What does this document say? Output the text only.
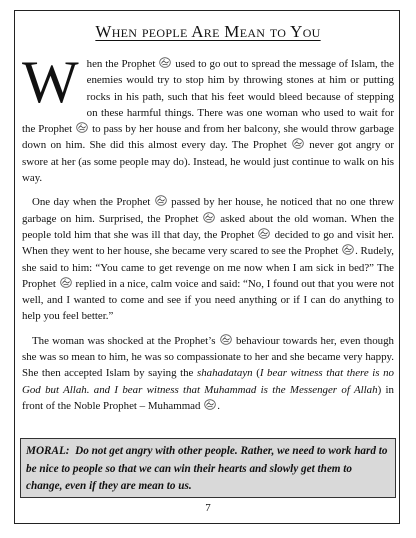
When people Are Mean to You

When the Prophet used to go out to spread the message of Islam, the enemies would try to stop him by throwing stones at him or putting rocks in his path, such that his feet would bleed because of stepping on these harmful things. There was one woman who used to wait for the Prophet to pass by her house and from her balcony, she would throw garbage down on him. She did this almost every day. The Prophet never got angry or swore at her (as some people may do). Instead, he would just continue to walk on his way.

One day when the Prophet passed by her house, he noticed that no one threw garbage on him. Surprised, the Prophet asked about the old woman. When the people told him that she was ill that day, the Prophet decided to go and visit her. When they went to her house, she became very scared to see the Prophet . Rudely, she said to him: “You came to get revenge on me now when I am sick in bed?” The Prophet replied in a nice, calm voice and said: “No, I found out that you were not well, and I wanted to come and see if you need anything or if I can do anything to help you feel better.”

The woman was shocked at the Prophet’s behaviour towards her, even though she was so mean to him, he was so compassionate to her and she became very happy. She then accepted Islam by saying the shahadatayn (I bear witness that there is no God but Allah. and I bear witness that Muhammad is the Messenger of Allah) in front of the Noble Prophet – Muhammad .

MORAL: Do not get angry with other people. Rather, we need to work hard to be nice to people so that we can win their hearts and slowly get them to change, even if they are mean to us.
7
